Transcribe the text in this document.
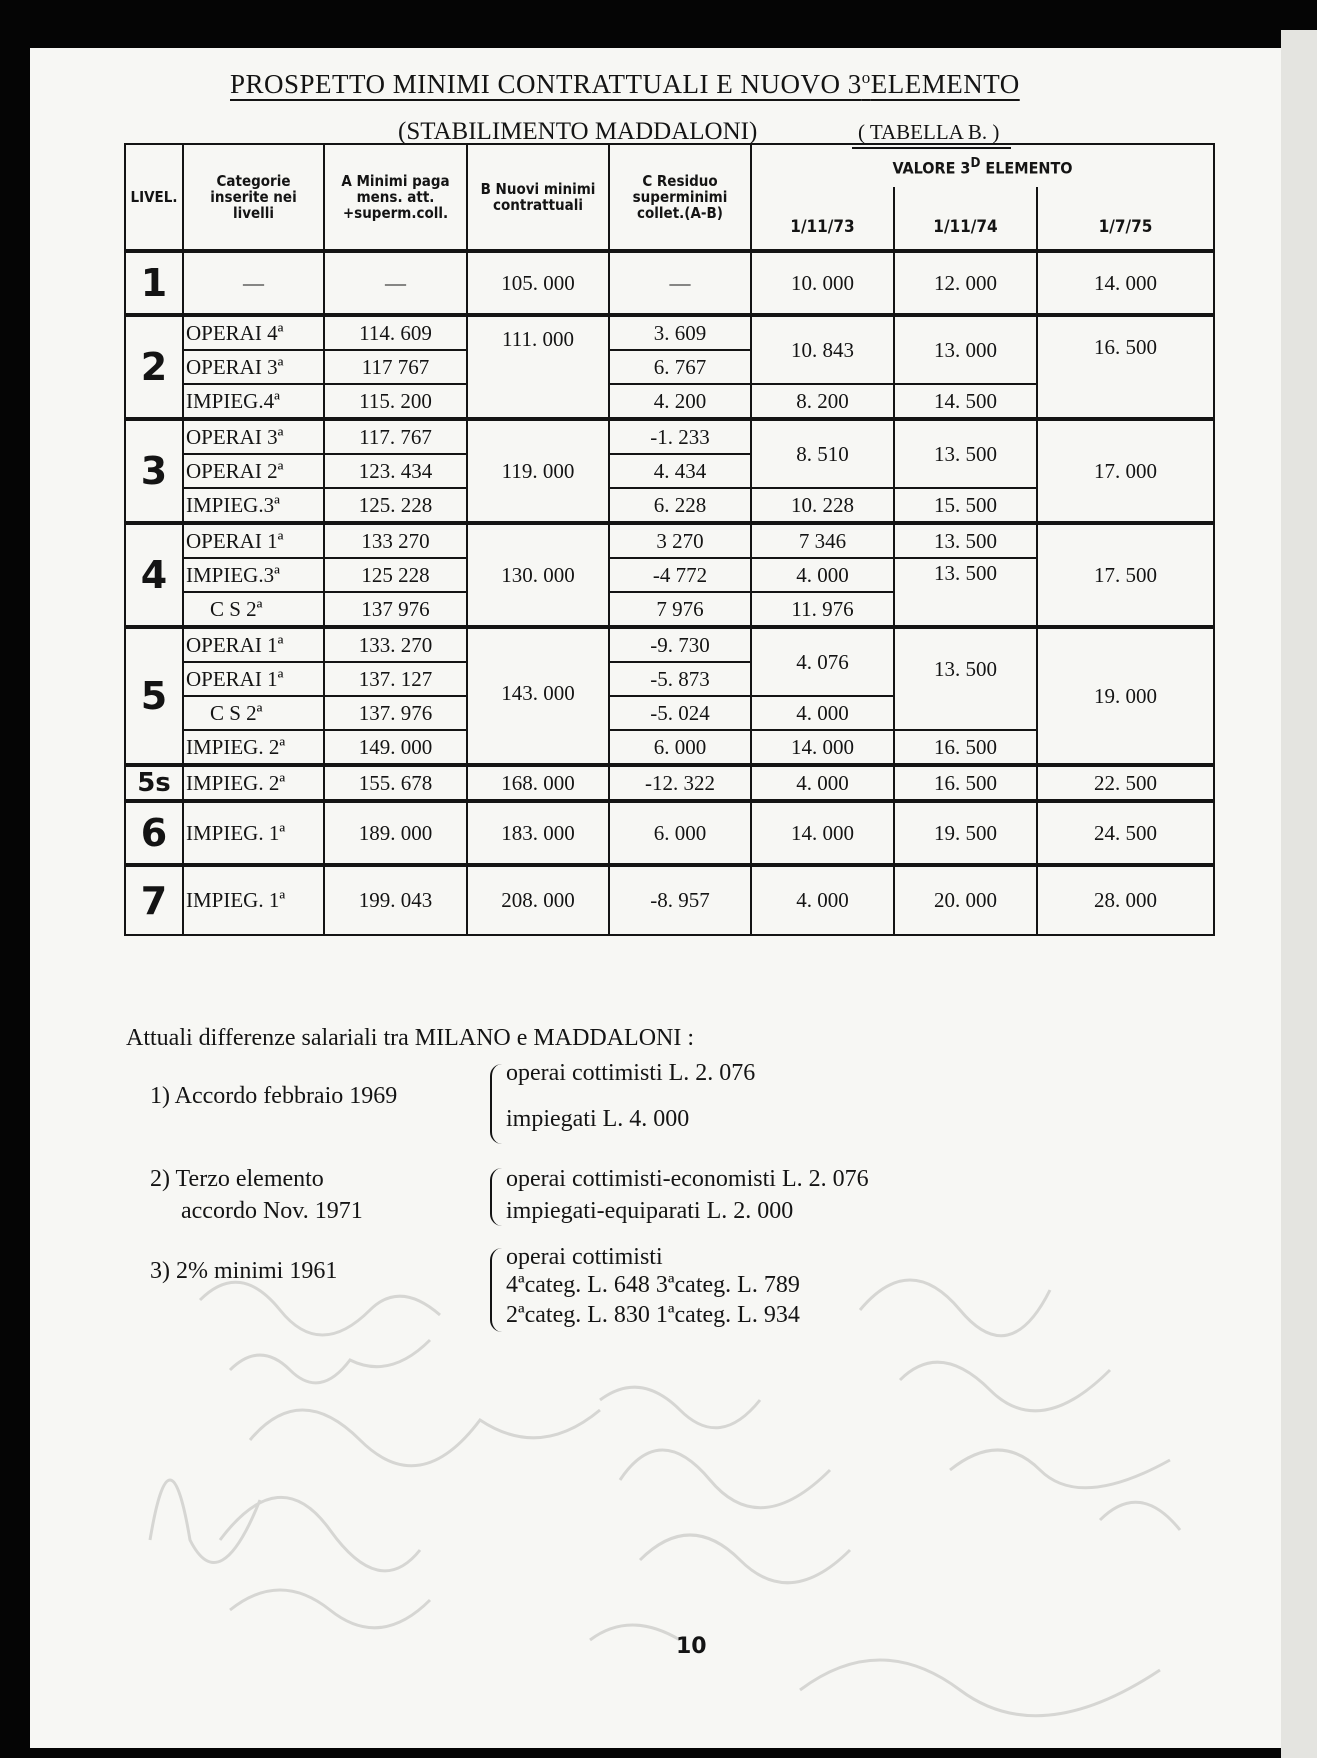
PROSPETTO MINIMI CONTRATTUALI E NUOVO 3$^o$ELEMENTO
(STABILIMENTO MADDALONI)	( TABELLA B. )
LIVEL.	Categorie inserite nei livelli	A Minimi paga mens. att. +superm.coll.	B Nuovi minimi contrattuali	C Residuo superminimi collet.(A-B)	VALORE $3^D$ ELEMENTO		
					1/11/73	1/11/74	1/7/75
1	—	—	105. 000	—	10. 000	12. 000	14. 000
2	OPERAI 4ª	114. 609	111. 000	3. 609	10. 843	13. 000	16. 500
	OPERAI 3ª	117 767		6. 767			
	IMPIEG.4ª	115. 200		4. 200	8. 200	14. 500	
3	OPERAI 3ª	117. 767	119. 000	-1. 233	8. 510	13. 500	17. 000
	OPERAI 2ª	123. 434		4. 434			
	IMPIEG.3ª	125. 228		6. 228	10. 228	15. 500	
4	OPERAI 1ª	133 270	130. 000	3 270	7 346	13. 500	17. 500
	IMPIEG.3ª	125 228		-4 772	4. 000	13. 500	
	C S 2ª	137 976		7 976	11. 976		
5	OPERAI 1ª	133. 270	143. 000	-9. 730	4. 076	13. 500	19. 000
	OPERAI 1ª	137. 127		-5. 873			
	C S 2ª	137. 976		-5. 024	4. 000		
	IMPIEG. 2ª	149. 000		6. 000	14. 000	16. 500	
5s	IMPIEG. 2ª	155. 678	168. 000	-12. 322	4. 000	16. 500	22. 500
6	IMPIEG. 1ª	189. 000	183. 000	6. 000	14. 000	19. 500	24. 500
7	IMPIEG. 1ª	199. 043	208. 000	-8. 957	4. 000	20. 000	28. 000
Attuali differenze salariali tra MILANO e MADDALONI :
1) Accordo febbraio 1969
operai cottimisti L. 2. 076
impiegati L. 4. 000
2) Terzo elemento
accordo Nov. 1971
operai cottimisti-economisti L. 2. 076
impiegati-equiparati L. 2. 000
3) 2% minimi 1961
operai cottimisti
4ªcateg. L. 648 3ªcateg. L. 789
2ªcateg. L. 830 1ªcateg. L. 934
10
